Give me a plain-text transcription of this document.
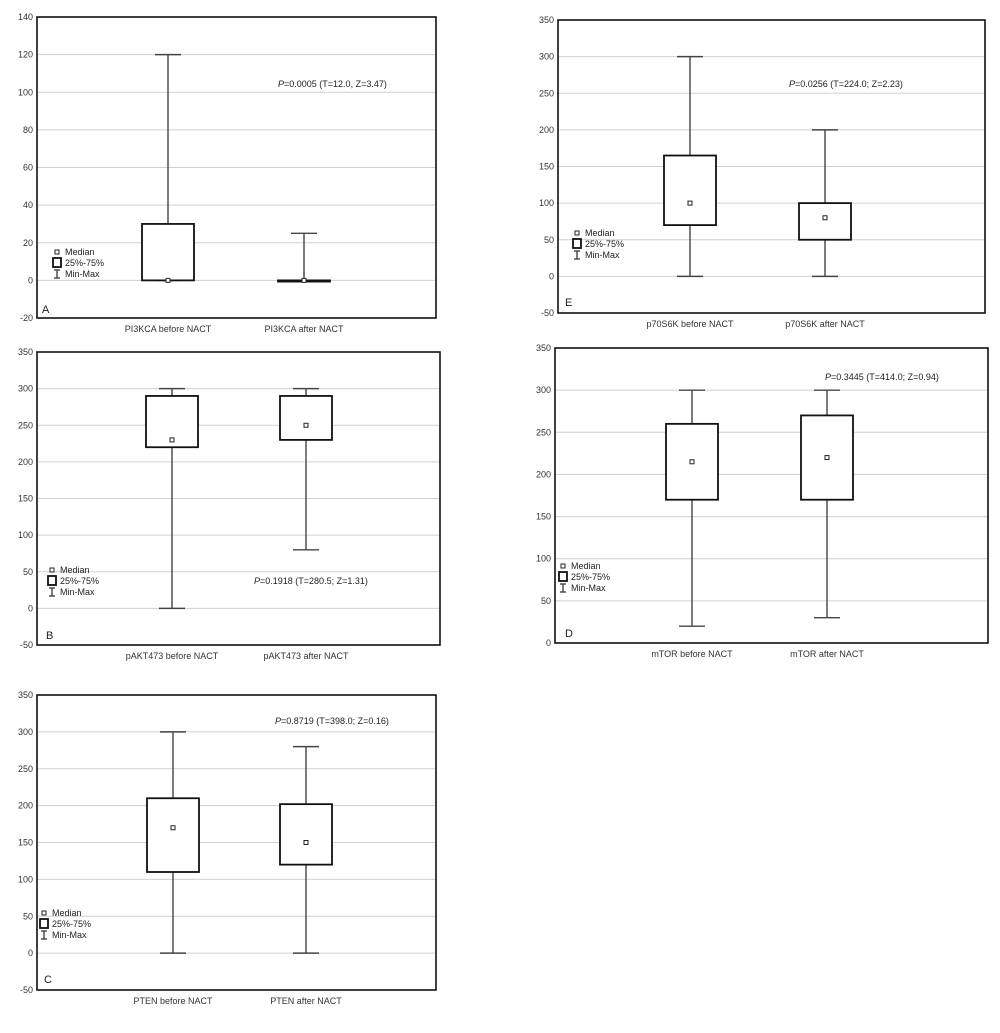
-20
0
20
40
60
80
100
120
140
PI3KCA before NACT	PI3KCA after NACT
P=0.0005 (T=12.0, Z=3.47)
A
Median
25%-75%
Min-Max
-50
0
50
100
150
200
250
300
350
p70S6K before NACT	p70S6K after NACT
P=0.0256 (T=224.0; Z=2.23)
E
Median
25%-75%
Min-Max
-50
0
50
100
150
200
250
300
350
pAKT473 before NACT	pAKT473 after NACT
P=0.1918 (T=280.5; Z=1.31)
B
Median
25%-75%
Min-Max
0
50
100
150
200
250
300
350
mTOR before NACT	mTOR after NACT
P=0.3445 (T=414.0; Z=0.94)
D
Median
25%-75%
Min-Max
-50
0
50
100
150
200
250
300
350
PTEN before NACT	PTEN after NACT
P=0.8719 (T=398.0; Z=0.16)
C
Median
25%-75%
Min-Max
